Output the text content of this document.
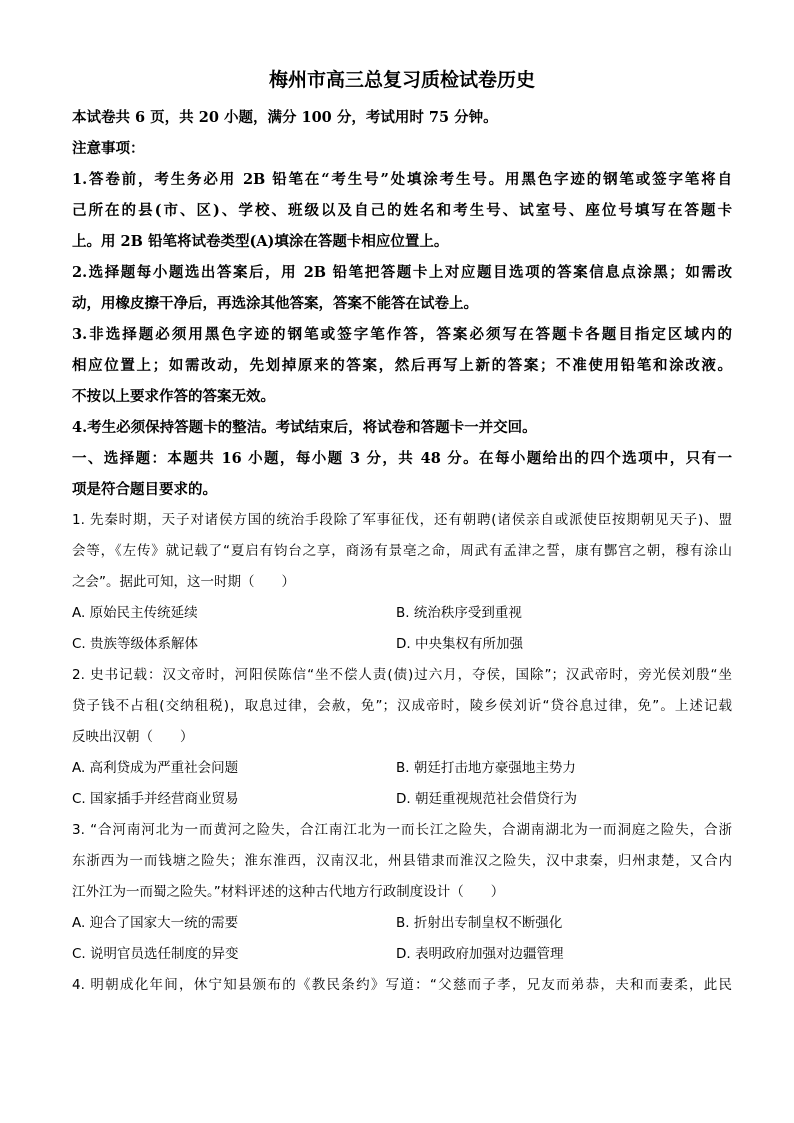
梅州市高三总复习质检试卷历史

本试卷共 6 页，共 20 小题，满分 100 分，考试用时 75 分钟。

注意事项：

1.答卷前，考生务必用 2B 铅笔在“考生号”处填涂考生号。用黑色字迹的钢笔或签字笔将自

己所在的县(市、区)、学校、班级以及自己的姓名和考生号、试室号、座位号填写在答题卡

上。用 2B 铅笔将试卷类型(A)填涂在答题卡相应位置上。

2.选择题每小题选出答案后，用 2B 铅笔把答题卡上对应题目选项的答案信息点涂黑；如需改

动，用橡皮擦干净后，再选涂其他答案，答案不能答在试卷上。

3.非选择题必须用黑色字迹的钢笔或签字笔作答，答案必须写在答题卡各题目指定区域内的

相应位置上；如需改动，先划掉原来的答案，然后再写上新的答案；不准使用铅笔和涂改液。

不按以上要求作答的答案无效。

4.考生必须保持答题卡的整洁。考试结束后，将试卷和答题卡一并交回。

一、选择题：本题共 16 小题，每小题 3 分，共 48 分。在每小题给出的四个选项中，只有一

项是符合题目要求的。

1. 先秦时期，天子对诸侯方国的统治手段除了军事征伐，还有朝聘(诸侯亲自或派使臣按期朝见天子)、盟

会等，《左传》就记载了“夏启有钧台之享，商汤有景亳之命，周武有孟津之誓，康有酆宫之朝，穆有涂山

之会”。据此可知，这一时期（　　）

A. 原始民主传统延续	B. 统治秩序受到重视
C. 贵族等级体系解体	D. 中央集权有所加强

2. 史书记载：汉文帝时，河阳侯陈信“坐不偿人责(债)过六月，夺侯，国除”；汉武帝时，旁光侯刘殷“坐

贷子钱不占租(交纳租税)，取息过律，会赦，免”；汉成帝时，陵乡侯刘䜣“贷谷息过律，免”。上述记载

反映出汉朝（　　）

A. 高利贷成为严重社会问题	B. 朝廷打击地方豪强地主势力
C. 国家插手并经营商业贸易	D. 朝廷重视规范社会借贷行为

3. “合河南河北为一而黄河之险失，合江南江北为一而长江之险失，合湖南湖北为一而洞庭之险失，合浙

东浙西为一而钱塘之险失；淮东淮西，汉南汉北，州县错隶而淮汉之险失，汉中隶秦，归州隶楚，又合内

江外江为一而蜀之险失。”材料评述的这种古代地方行政制度设计（　　）

A. 迎合了国家大一统的需要	B. 折射出专制皇权不断强化
C. 说明官员选任制度的异变	D. 表明政府加强对边疆管理

4. 明朝成化年间，休宁知县颁布的《教民条约》写道：“父慈而子孝，兄友而弟恭，夫和而妻柔，此民
